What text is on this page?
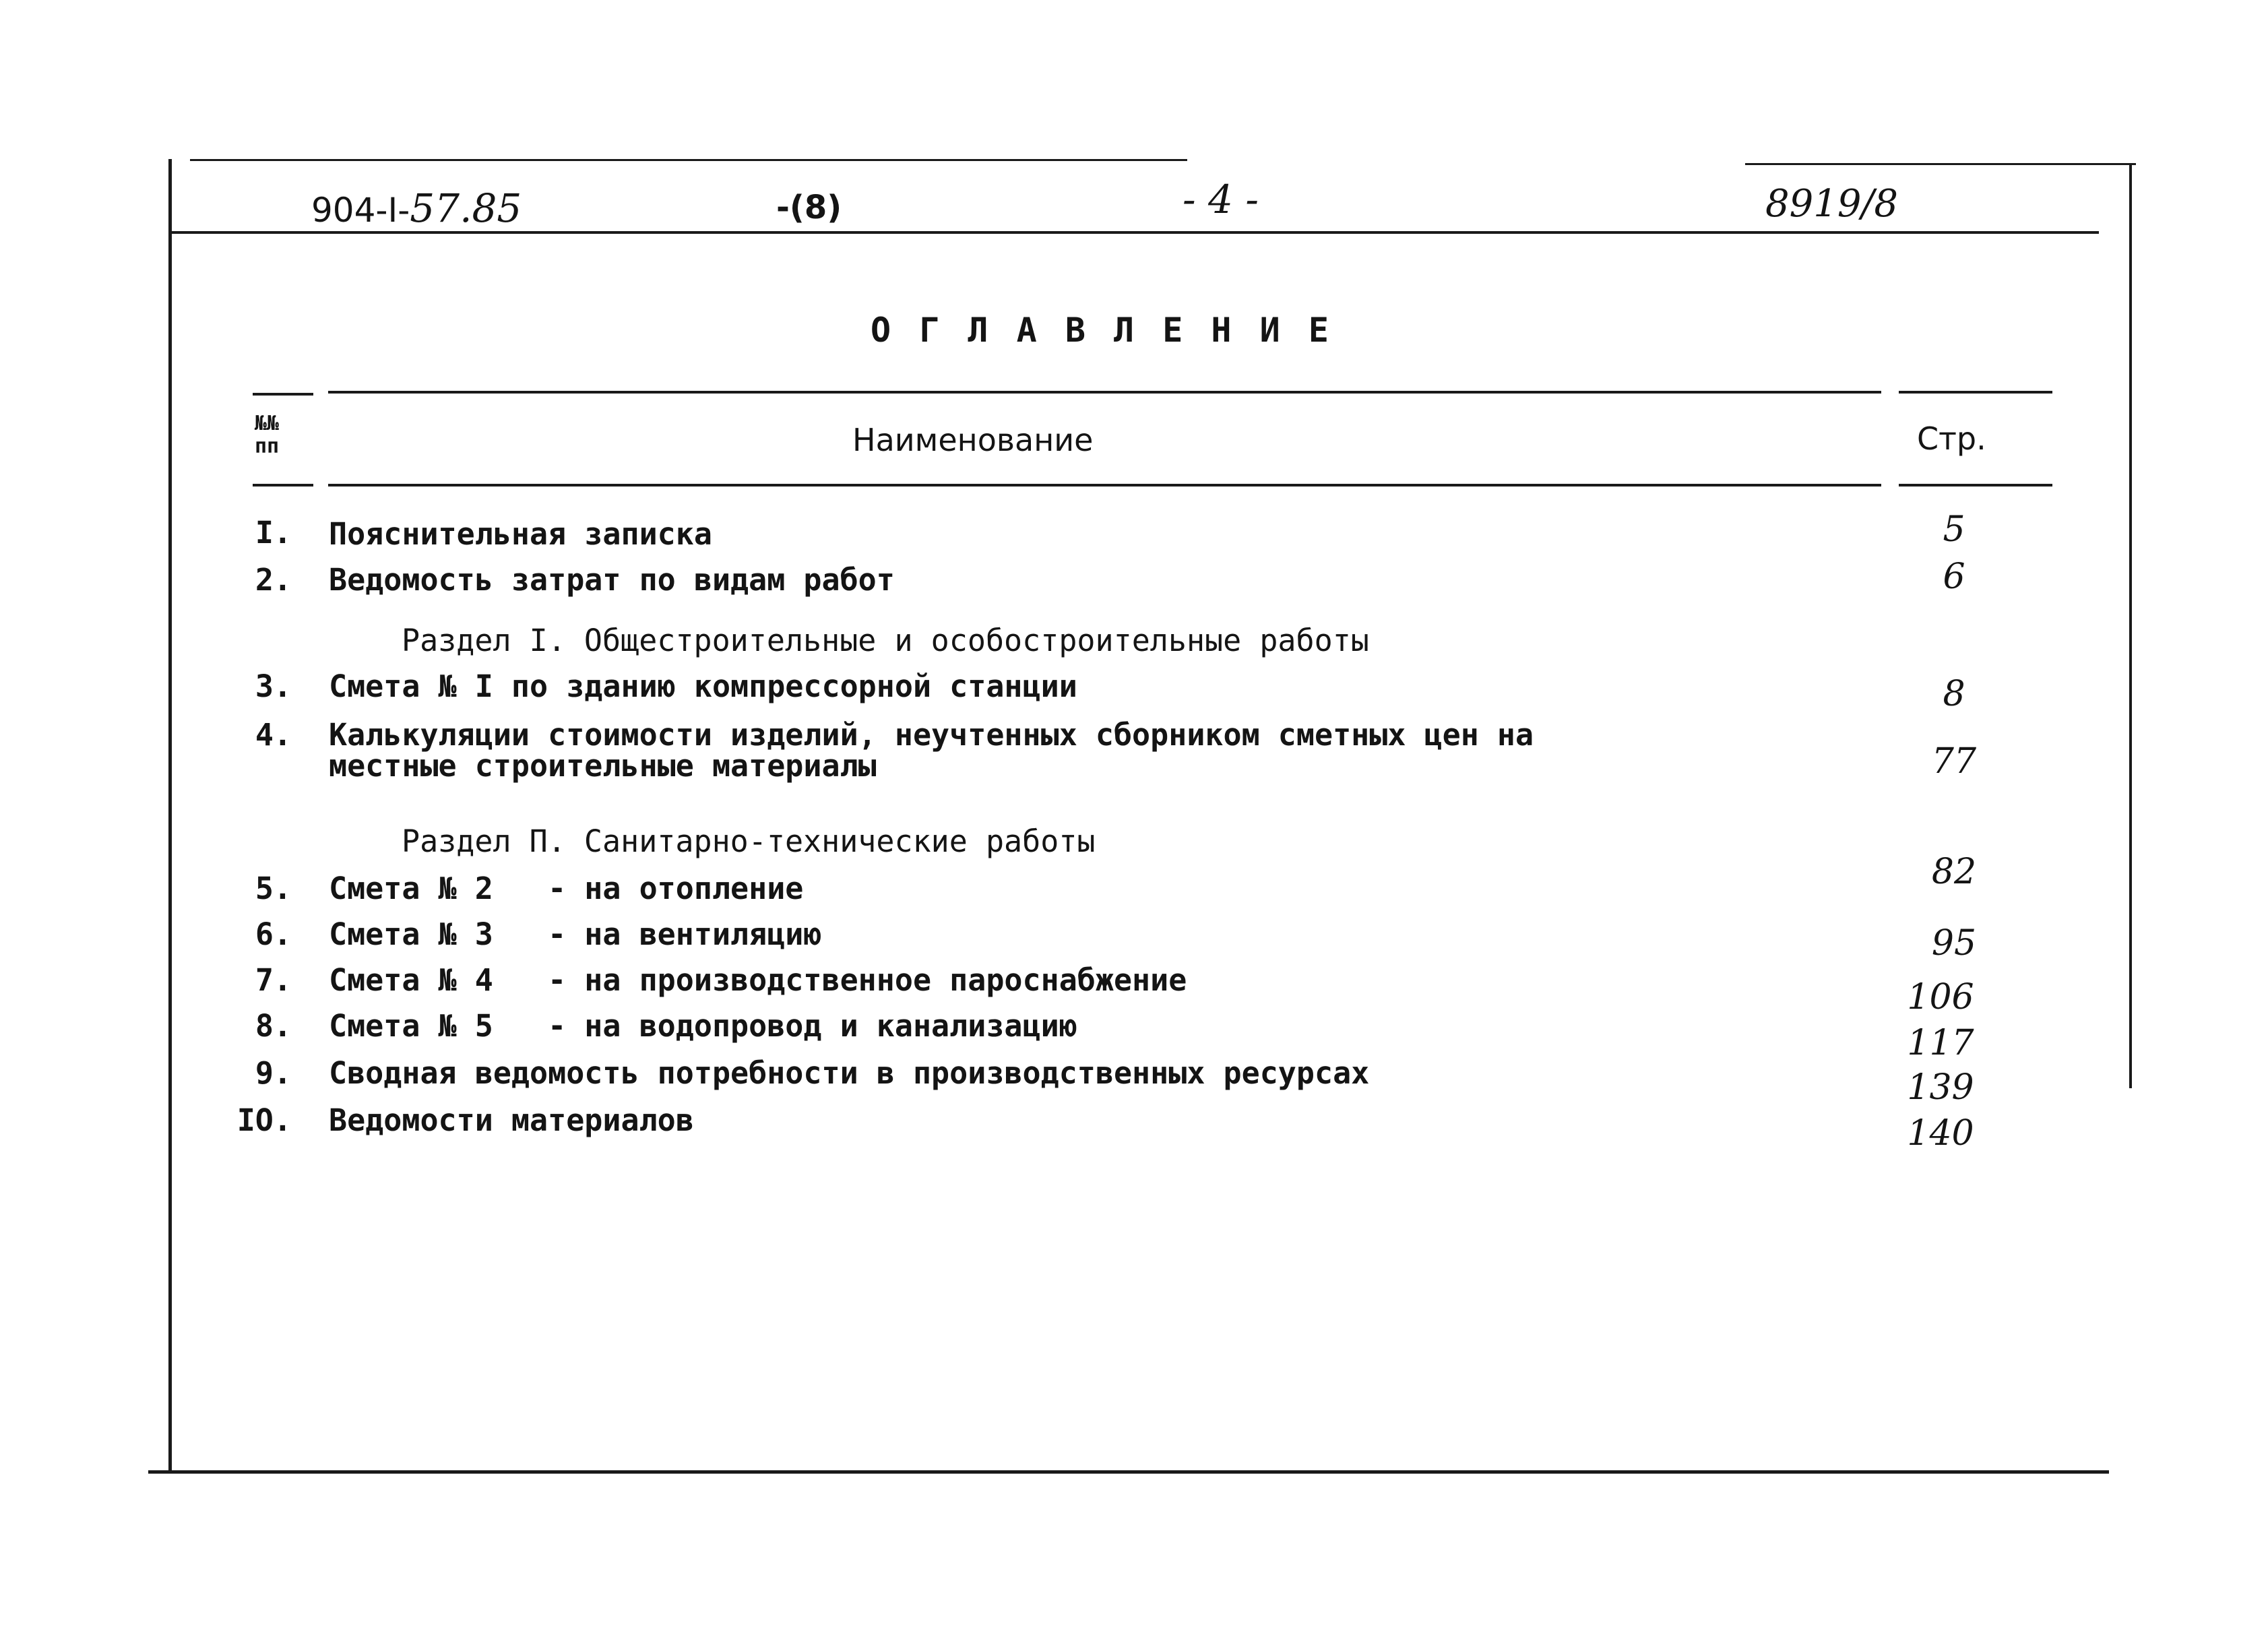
904-I-57.85	-(8)	- 4 -	8919/8
О Г Л А В Л Е Н И Е
№№ пп	Наименование	Стр.
I. Пояснительная записка	5
2. Ведомость затрат по видам работ	6
Раздел I. Общестроительные и особостроительные работы
3. Смета № I по зданию компрессорной станции	8
4. Калькуляции стоимости изделий, неучтенных сборником сметных цен на
местные строительные материалы	77
Раздел П. Санитарно-технические работы
5. Смета № 2   - на отопление	82
6. Смета № 3   - на вентиляцию	95
7. Смета № 4   - на производственное пароснабжение	106
8. Смета № 5   - на водопровод и канализацию	117
9. Сводная ведомость потребности в производственных ресурсах	139
IO. Ведомости материалов	140
